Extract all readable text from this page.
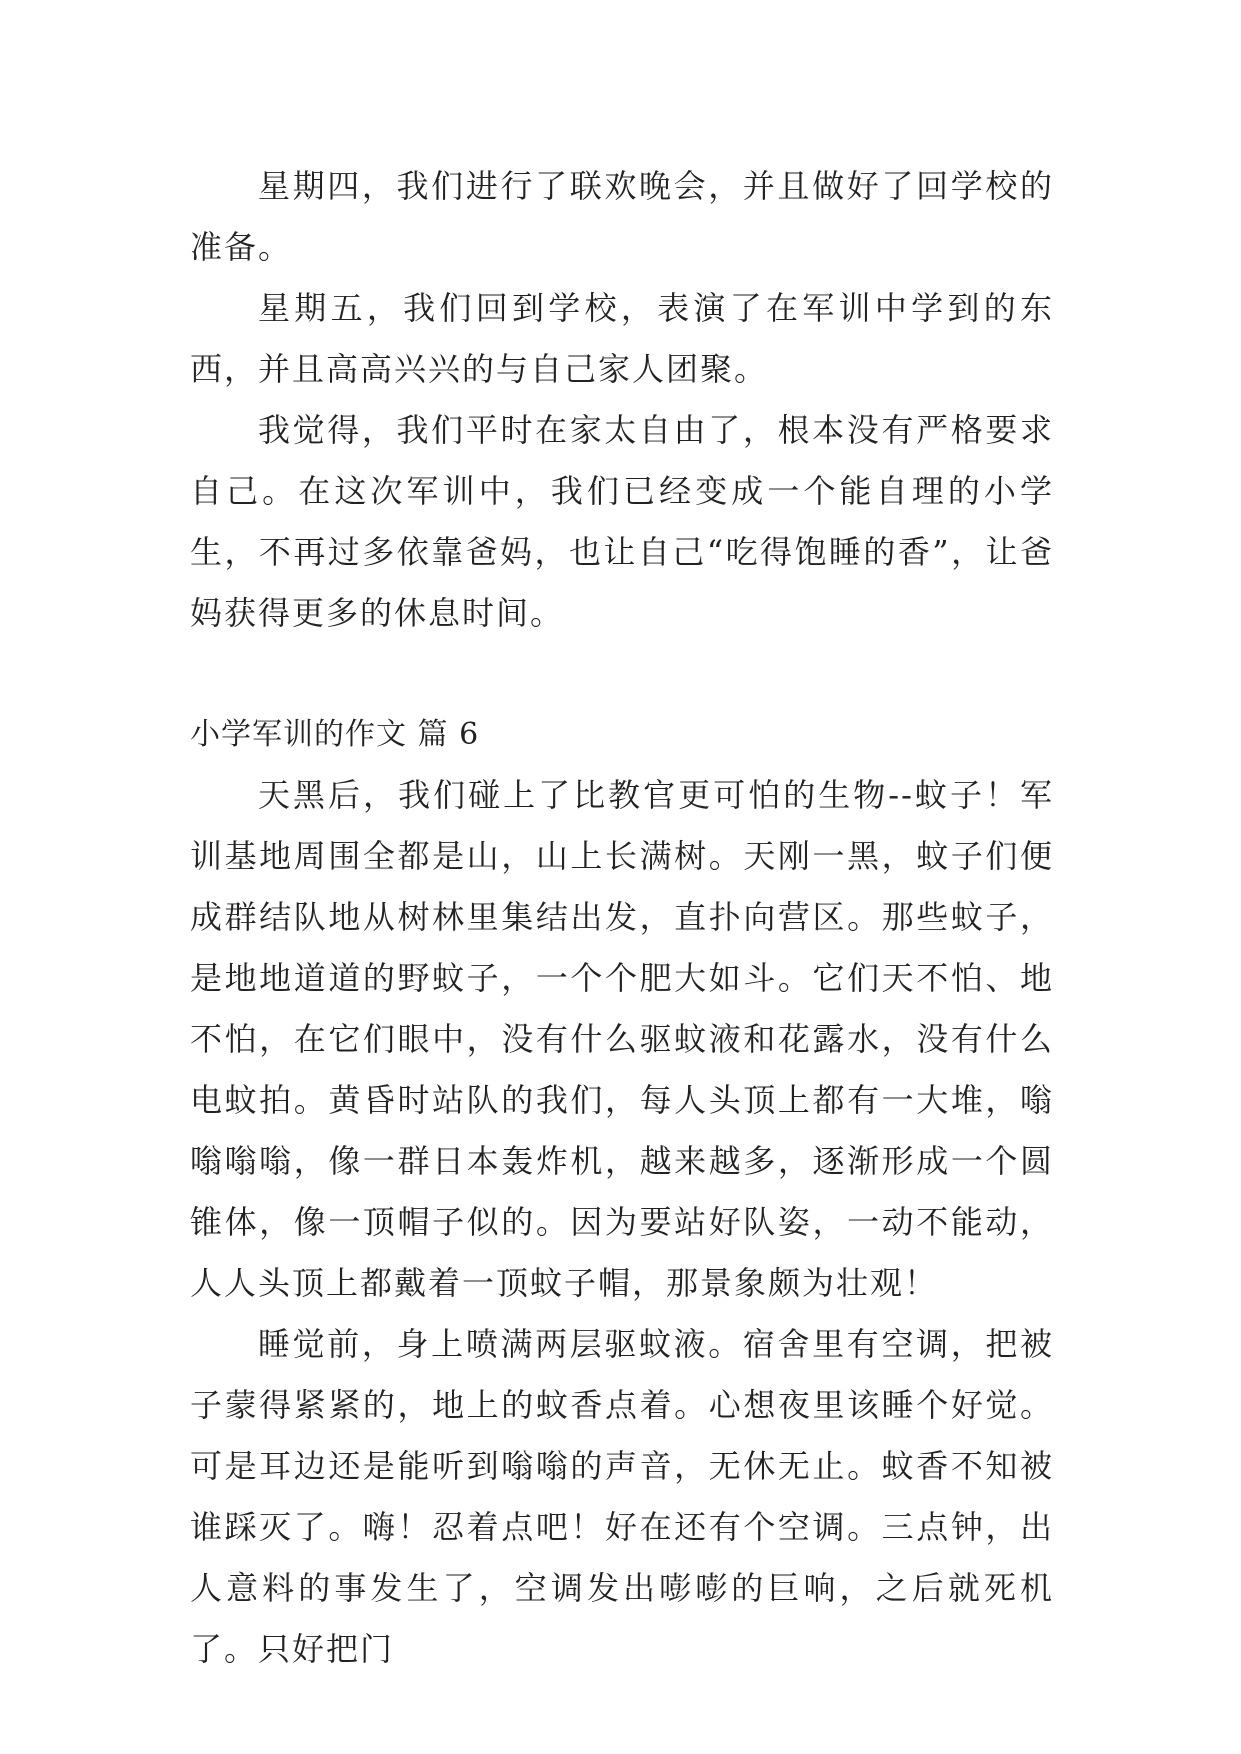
星期四，我们进行了联欢晚会，并且做好了回学校的准备。

星期五，我们回到学校，表演了在军训中学到的东西，并且高高兴兴的与自己家人团聚。

我觉得，我们平时在家太自由了，根本没有严格要求自己。在这次军训中，我们已经变成一个能自理的小学生，不再过多依靠爸妈，也让自己“吃得饱睡的香”，让爸妈获得更多的休息时间。

小学军训的作文 篇 6

天黑后，我们碰上了比教官更可怕的生物--蚊子！军训基地周围全都是山，山上长满树。天刚一黑，蚊子们便成群结队地从树林里集结出发，直扑向营区。那些蚊子，是地地道道的野蚊子，一个个肥大如斗。它们天不怕、地不怕，在它们眼中，没有什么驱蚊液和花露水，没有什么电蚊拍。黄昏时站队的我们，每人头顶上都有一大堆，嗡嗡嗡嗡，像一群日本轰炸机，越来越多，逐渐形成一个圆锥体，像一顶帽子似的。因为要站好队姿，一动不能动，人人头顶上都戴着一顶蚊子帽，那景象颇为壮观！

睡觉前，身上喷满两层驱蚊液。宿舍里有空调，把被子蒙得紧紧的，地上的蚊香点着。心想夜里该睡个好觉。可是耳边还是能听到嗡嗡的声音，无休无止。蚊香不知被谁踩灭了。嗨！忍着点吧！好在还有个空调。三点钟，出人意料的事发生了，空调发出嘭嘭的巨响，之后就死机了。只好把门
